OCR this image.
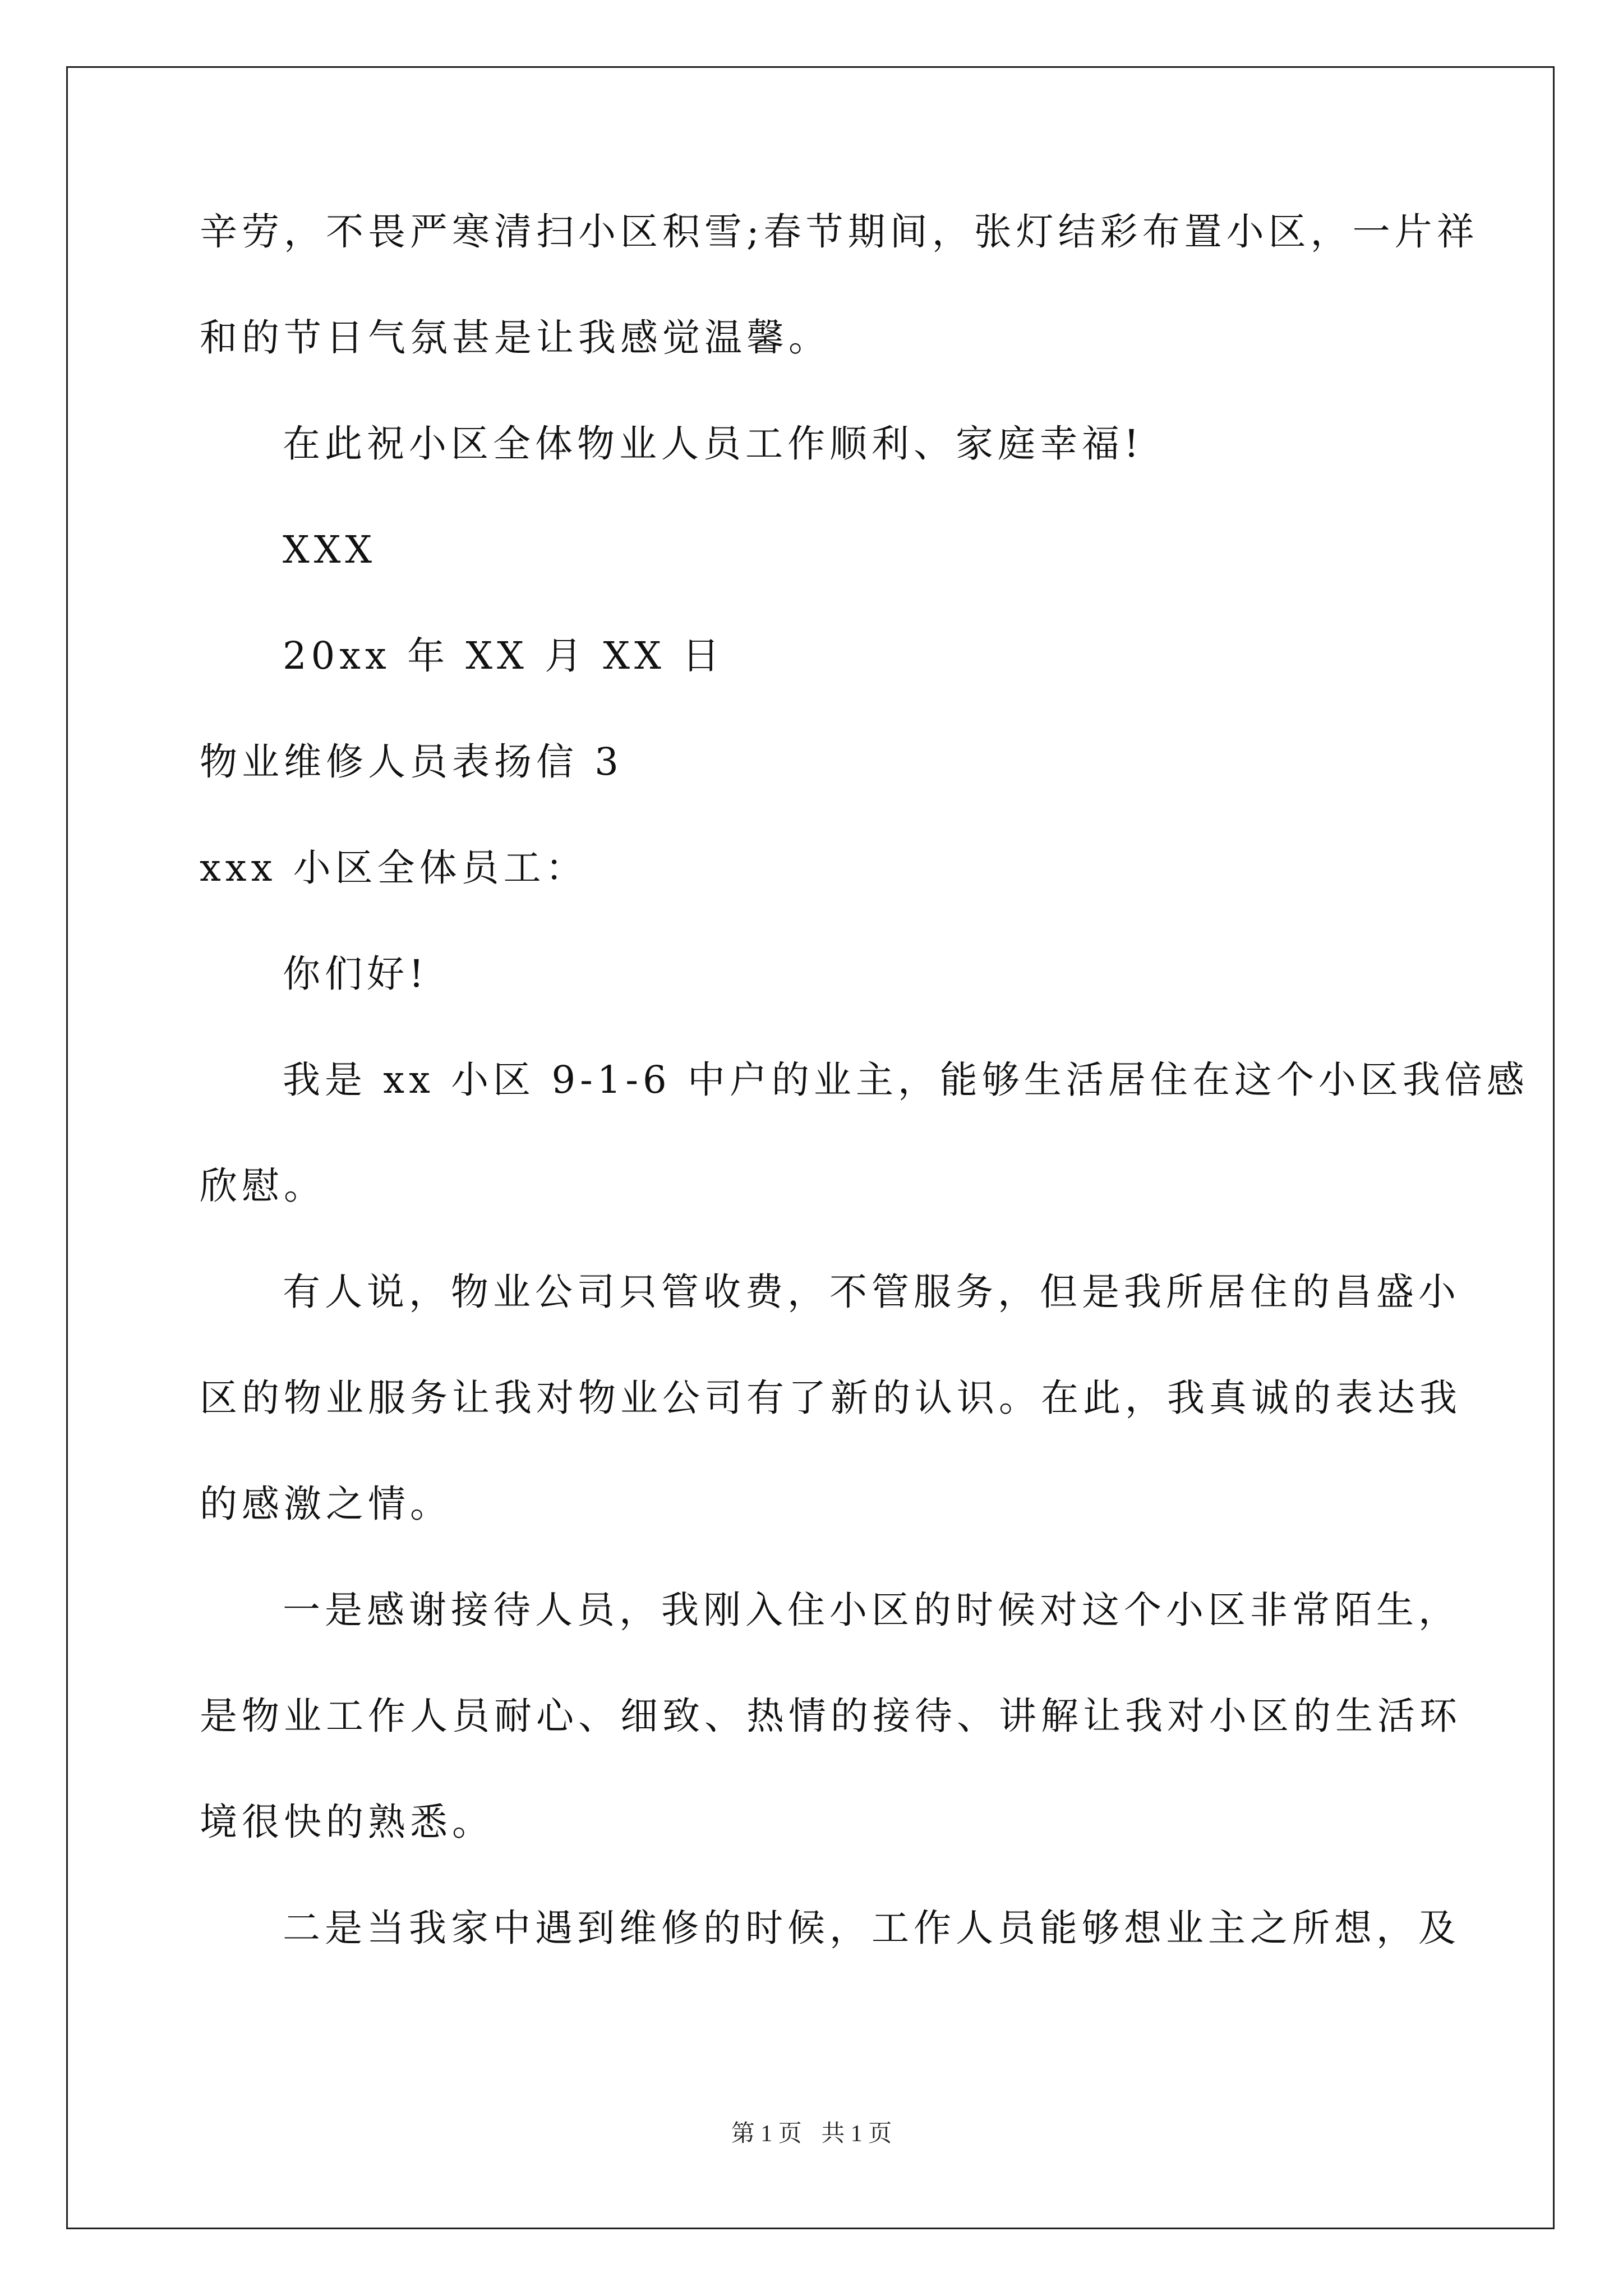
辛劳，不畏严寒清扫小区积雪;春节期间，张灯结彩布置小区，一片祥
和的节日气氛甚是让我感觉温馨。
在此祝小区全体物业人员工作顺利、家庭幸福!
XXX
20xx 年 XX 月 XX 日
物业维修人员表扬信 3
xxx 小区全体员工：
你们好!
我是 xx 小区 9-1-6 中户的业主，能够生活居住在这个小区我倍感
欣慰。
有人说，物业公司只管收费，不管服务，但是我所居住的昌盛小
区的物业服务让我对物业公司有了新的认识。在此，我真诚的表达我
的感激之情。
一是感谢接待人员，我刚入住小区的时候对这个小区非常陌生，
是物业工作人员耐心、细致、热情的接待、讲解让我对小区的生活环
境很快的熟悉。
二是当我家中遇到维修的时候，工作人员能够想业主之所想，及
第 1 页 共 1 页
